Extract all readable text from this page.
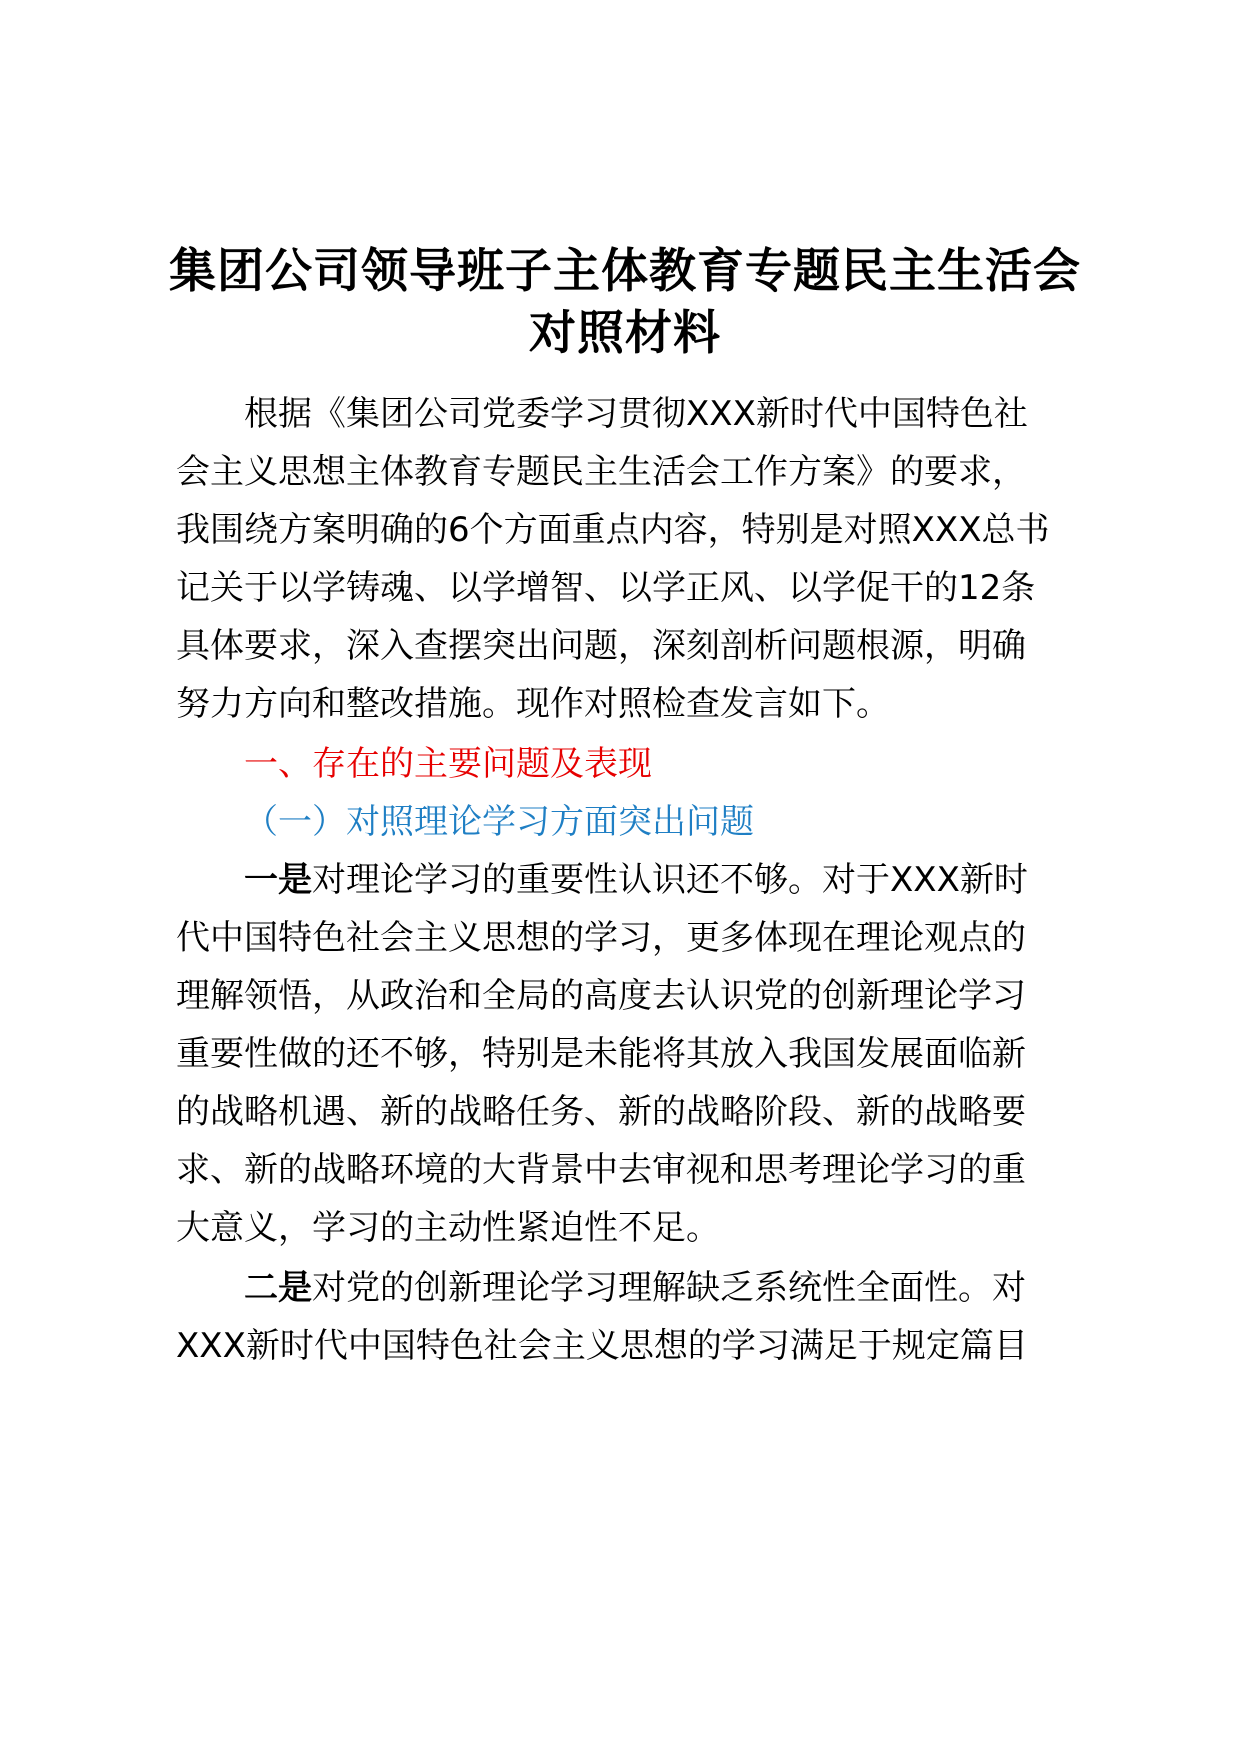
集团公司领导班子主体教育专题民主生活会
对照材料

根据《集团公司党委学习贯彻XXX新时代中国特色社

会主义思想主体教育专题民主生活会工作方案》的要求，

我围绕方案明确的6个方面重点内容，特别是对照XXX总书

记关于以学铸魂、以学增智、以学正风、以学促干的12条

具体要求，深入查摆突出问题，深刻剖析问题根源，明确

努力方向和整改措施。现作对照检查发言如下。

一、存在的主要问题及表现

（一）对照理论学习方面突出问题

一是对理论学习的重要性认识还不够。对于XXX新时

代中国特色社会主义思想的学习，更多体现在理论观点的

理解领悟，从政治和全局的高度去认识党的创新理论学习

重要性做的还不够，特别是未能将其放入我国发展面临新

的战略机遇、新的战略任务、新的战略阶段、新的战略要

求、新的战略环境的大背景中去审视和思考理论学习的重

大意义，学习的主动性紧迫性不足。

二是对党的创新理论学习理解缺乏系统性全面性。对

XXX新时代中国特色社会主义思想的学习满足于规定篇目
